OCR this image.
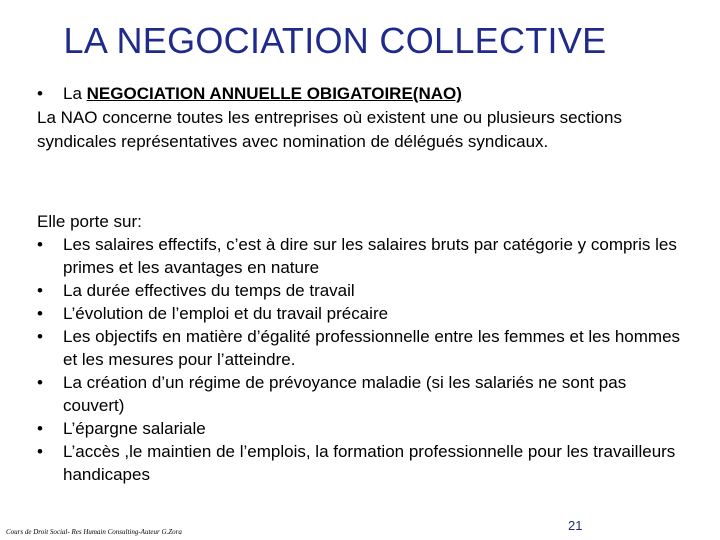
LA NEGOCIATION COLLECTIVE
•	La NEGOCIATION ANNUELLE OBIGATOIRE(NAO)
La NAO concerne toutes les entreprises où existent une ou plusieurs sections syndicales représentatives avec nomination de délégués syndicaux.
Elle porte sur:
•	Les salaires effectifs, c’est à dire sur les salaires bruts par catégorie y compris les primes et les avantages en nature
•	La durée effectives du temps de travail
•	L’évolution de l’emploi et du travail précaire
•	Les objectifs en matière d’égalité professionnelle entre les femmes et les hommes et les mesures pour l’atteindre.
•	La création d’un régime de prévoyance maladie (si les salariés ne sont pas couvert)
•	L’épargne salariale
•	L’accès ,le maintien de l’emplois, la formation professionnelle pour les travailleurs handicapes
Cours de Droit Social- Res Humain Consulting-Auteur G.Zora	21
